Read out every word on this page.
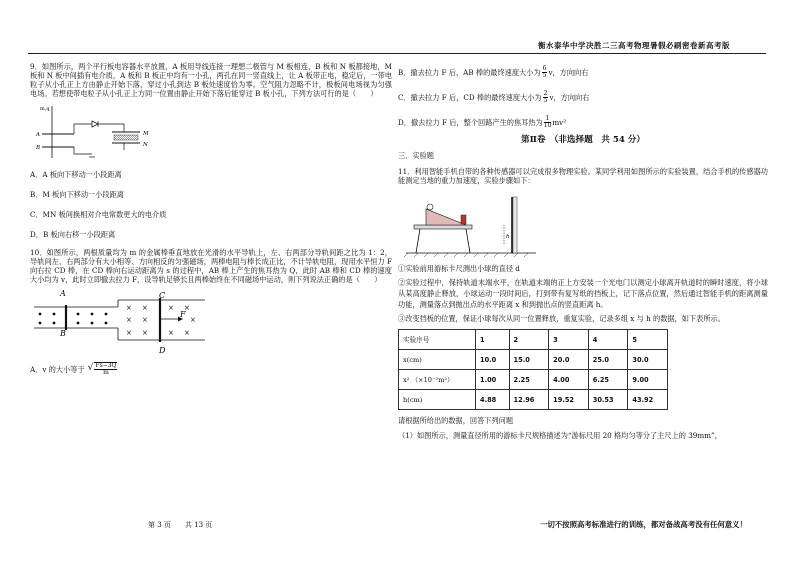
衡水泰华中学决胜二三高考物理暑假必刷密卷新高考版

9．如图所示，两个平行板电容器水平放置，A 板用导线连接一理想二极管与 M 板相连，B 板和 N 板都接地，M 板和 N 板中间插有电介质，A 板和 B 板正中均有一小孔，两孔在同一竖直线上，让 A 板带正电，稳定后，一带电粒子从小孔正上方由静止开始下落，穿过小孔到达 B 板处速度恰为零。空气阻力忽略不计，极板间电场视为匀强电场。若想使带电粒子从小孔正上方同一位置由静止开始下落后能穿过 B 板小孔，下列方法可行的是（　　）

m,q
A
B
M
N

A．A 板向下移动一小段距离

B．M 板向下移动一小段距离

C．MN 板间换相对介电常数更大的电介质

D．B 板向右移一小段距离

10．如图所示，两根质量均为 m 的金属棒垂直地放在光滑的水平导轨上，左、右两部分导轨间距之比为 1：2，导轨间左、右两部分有大小相等、方向相反的匀强磁场，两棒电阻与棒长成正比，不计导轨电阻，现用水平恒力 F 向右拉 CD 棒，在 CD 棒向右运动距离为 s 的过程中，AB 棒上产生的焦耳热为 Q，此时 AB 棒和 CD 棒的速度大小均为 v，此时立即撤去拉力 F，设导轨足够长且两棒始终在不同磁场中运动，则下列说法正确的是（　　）

A
B
C
D
× ×	× ×
× ×	×
× ×	× ×
F
A．v 的大小等于 √ $\frac{Fs-3Q}{m}$
B．撤去拉力 F 后，AB 棒的最终速度大小为 $\frac{6}{5}$ v，方向向右
C．撤去拉力 F 后，CD 棒的最终速度大小为 $\frac{2}{5}$ v，方向向右
D．撤去拉力 F 后，整个回路产生的焦耳热为 $\frac{1}{10} mv^2$
第Ⅱ卷　（非选择题　共 54 分）

三．实验题

11．利用智能手机自带的各种传感器可以完成很多物理实验。某同学利用如图所示的实验装置，结合手机的传感器功能测定当地的重力加速度，实验步骤如下：

h

①实验前用游标卡尺测出小球的直径 d

②实验过程中，保持轨道末端水平，在轨道末端的正上方安装一个光电门以测定小球离开轨道时的瞬时速度，将小球从某高度静止释放，小球运动一段时间后，打到带有复写纸的挡板上，记下落点位置，然后通过智能手机的距离测量功能，测量落点到抛出点的水平距离 x 和到抛出点的竖直距离 h。

③改变挡板的位置，保证小球每次从同一位置释放，重复实验，记录多组 x 与 h 的数据，如下表所示。

实验序号	1	2	3	4	5
x(cm)	10.0	15.0	20.0	25.0	30.0
x² （×10⁻²m²）	1.00	2.25	4.00	6.25	9.00
h(cm)	4.88	12.96	19.52	30.53	43.92

请根据所给出的数据，回答下列问题

（1）如图所示，测量直径所用的游标卡尺规格描述为“游标尺用 20 格均匀等分了主尺上的 39mm”，

第 3 页　　共 13 页	一切不按照高考标准进行的训练，都对备战高考没有任何意义！
